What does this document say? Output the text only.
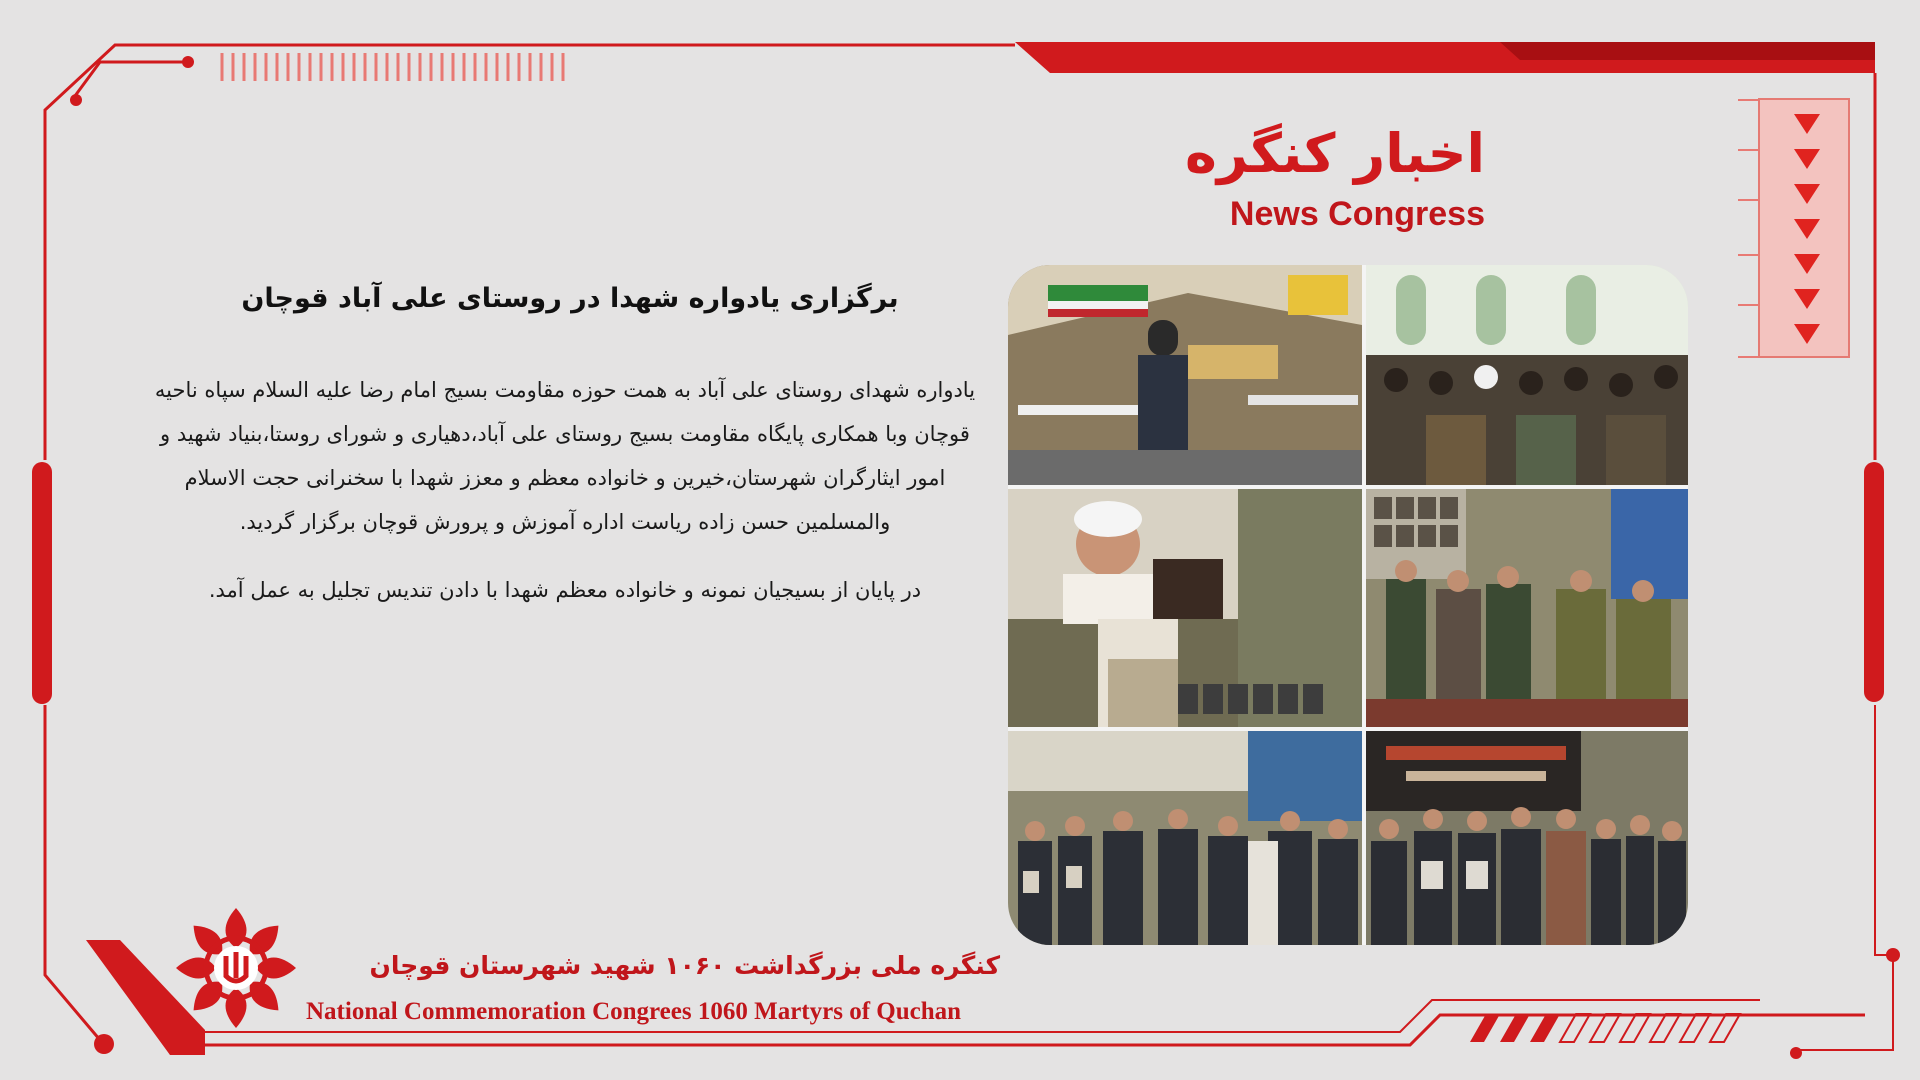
اخبار کنگره
News Congress
برگزاری یادواره شهدا در روستای علی آباد قوچان

یادواره شهدای روستای علی آباد به همت حوزه مقاومت بسیج امام رضا علیه السلام سپاه ناحیه قوچان وبا همکاری پایگاه مقاومت بسیج روستای علی آباد،دهیاری و شورای روستا،بنیاد شهید و امور ایثارگران شهرستان،خیرین و خانواده معظم و معزز شهدا با سخنرانی حجت الاسلام والمسلمین حسن زاده ریاست اداره آموزش و پرورش قوچان برگزار گردید.

در پایان از بسیجیان نمونه و خانواده معظم شهدا با دادن تندیس تجلیل به عمل آمد.

کنگره ملی بزرگداشت ۱۰۶۰ شهید شهرستان قوچان
National Commemoration Congrees 1060 Martyrs of Quchan
